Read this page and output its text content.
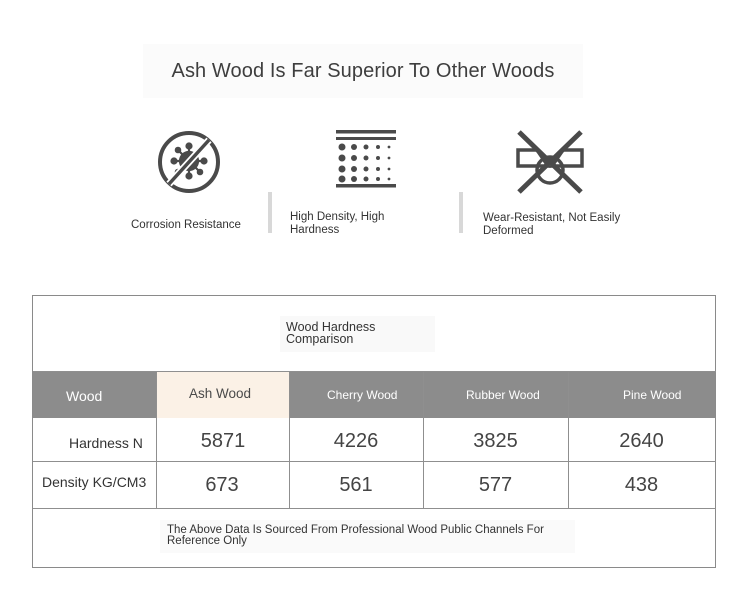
Ash Wood Is Far Superior To Other Woods
Corrosion Resistance
High Density, High
Hardness
Wear-Resistant, Not Easily
Deformed
Wood Hardness
Comparison
Wood	Ash Wood	Cherry Wood	Rubber Wood	Pine Wood
Hardness N	5871	4226	3825	2640
Density KG/CM3	673	561	577	438
The Above Data Is Sourced From Professional Wood Public Channels For
Reference Only
